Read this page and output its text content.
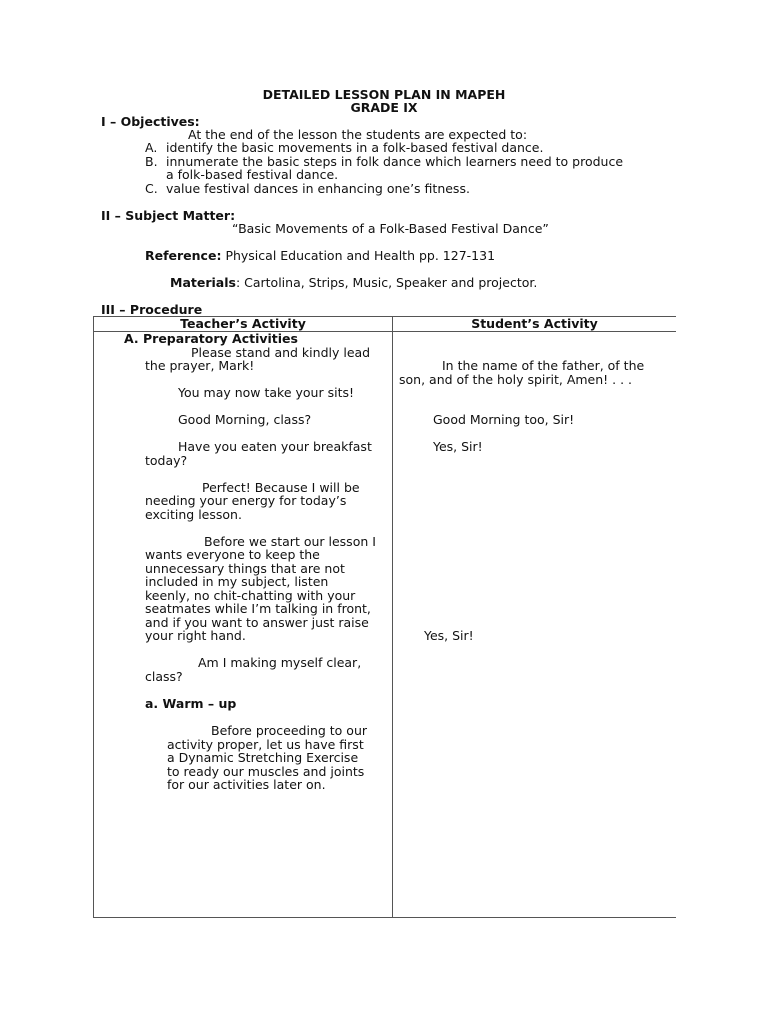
DETAILED LESSON PLAN IN MAPEH
GRADE IX
I – Objectives:
At the end of the lesson the students are expected to:
A. identify the basic movements in a folk-based festival dance.
B. innumerate the basic steps in folk dance which learners need to produce
a folk-based festival dance.
C. value festival dances in enhancing one’s fitness.
II – Subject Matter:
“Basic Movements of a Folk-Based Festival Dance”
Reference: Physical Education and Health pp. 127-131
Materials: Cartolina, Strips, Music, Speaker and projector.
III – Procedure
Teacher’s Activity	Student’s Activity
A. Preparatory Activities
Please stand and kindly lead
the prayer, Mark!
You may now take your sits!
Good Morning, class?
Have you eaten your breakfast
today?
Perfect! Because I will be
needing your energy for today’s
exciting lesson.
Before we start our lesson I
wants everyone to keep the
unnecessary things that are not
included in my subject, listen
keenly, no chit-chatting with your
seatmates while I’m talking in front,
and if you want to answer just raise
your right hand.
Am I making myself clear,
class?
a. Warm – up
Before proceeding to our
activity proper, let us have first
a Dynamic Stretching Exercise
to ready our muscles and joints
for our activities later on.
In the name of the father, of the
son, and of the holy spirit, Amen! . . .
Good Morning too, Sir!
Yes, Sir!
Yes, Sir!
